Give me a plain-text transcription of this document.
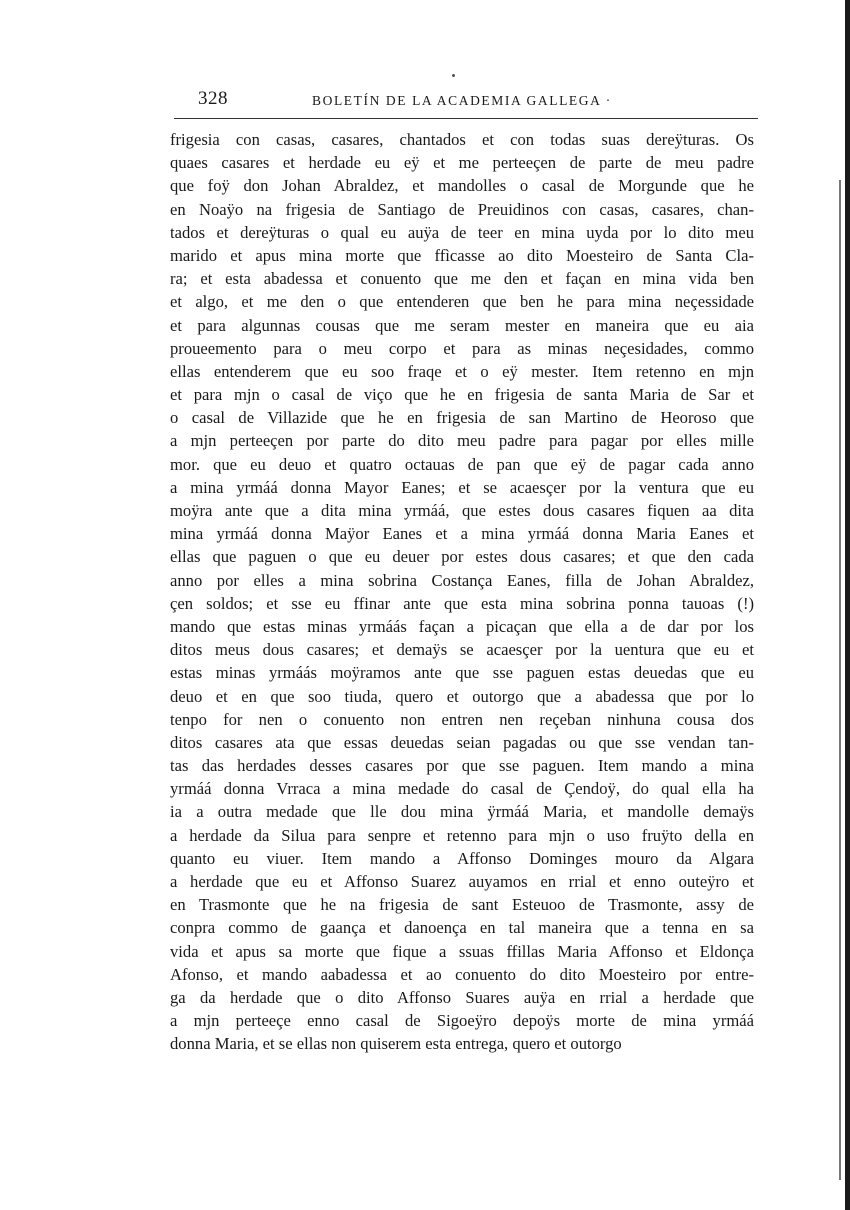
328	BOLETÍN DE LA ACADEMIA GALLEGA ·
frigesia con casas, casares, chantados et con todas suas dereÿturas. Os
quaes casares et herdade eu eÿ et me perteeçen de parte de meu padre
que foÿ don Johan Abraldez, et mandolles o casal de Morgunde que he
en Noaÿo na frigesia de Santiago de Preuidinos con casas, casares, chan-
tados et dereÿturas o qual eu auÿa de teer en mina uyda por lo dito meu
marido et apus mina morte que ffìcasse ao dito Moesteiro de Santa Cla-
ra; et esta abadessa et conuento que me den et façan en mina vida ben
et algo, et me den o que entenderen que ben he para mina neçessidade
et para algunnas cousas que me seram mester en maneira que eu aia
proueemento para o meu corpo et para as minas neçesidades, commo
ellas entenderem que eu soo fraqe et o eÿ mester. Item retenno en mjn
et para mjn o casal de viço que he en frigesia de santa Maria de Sar et
o casal de Villazide que he en frigesia de san Martino de Heoroso que
a mjn perteeçen por parte do dito meu padre para pagar por elles mille
mor. que eu deuo et quatro octauas de pan que eÿ de pagar cada anno
a mina yrmáá donna Mayor Eanes; et se acaesçer por la ventura que eu
moÿra ante que a dita mina yrmáá, que estes dous casares fiquen aa dita
mina yrmáá donna Maÿor Eanes et a mina yrmáá donna Maria Eanes et
ellas que paguen o que eu deuer por estes dous casares; et que den cada
anno por elles a mina sobrina Costança Eanes, filla de Johan Abraldez,
çen soldos; et sse eu ffinar ante que esta mina sobrina ponna tauoas (!)
mando que estas minas yrmáás façan a picaçan que ella a de dar por los
ditos meus dous casares; et demaÿs se acaesçer por la uentura que eu et
estas minas yrmáás moÿramos ante que sse paguen estas deuedas que eu
deuo et en que soo tiuda, quero et outorgo que a abadessa que por lo
tenpo for nen o conuento non entren nen reçeban ninhuna cousa dos
ditos casares ata que essas deuedas seian pagadas ou que sse vendan tan-
tas das herdades desses casares por que sse paguen. Item mando a mina
yrmáá donna Vrraca a mina medade do casal de Çendoÿ, do qual ella ha
ia a outra medade que lle dou mina ÿrmáá Maria, et mandolle demaÿs
a herdade da Silua para senpre et retenno para mjn o uso fruÿto della en
quanto eu viuer. Item mando a Affonso Dominges mouro da Algara
a herdade que eu et Affonso Suarez auyamos en rrial et enno outeÿro et
en Trasmonte que he na frigesia de sant Esteuoo de Trasmonte, assy de
conpra commo de gaança et danoença en tal maneira que a tenna en sa
vida et apus sa morte que fique a ssuas ffillas Maria Affonso et Eldonça
Afonso, et mando aabadessa et ao conuento do dito Moesteiro por entre-
ga da herdade que o dito Affonso Suares auÿa en rrial a herdade que
a mjn perteeçe enno casal de Sigoeÿro depoÿs morte de mina yrmáá
donna Maria, et se ellas non quiserem esta entrega, quero et outorgo
